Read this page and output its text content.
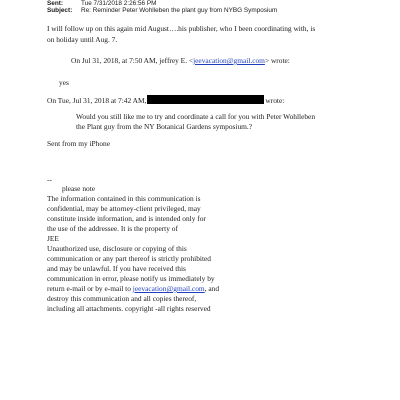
Sent:	Tue 7/31/2018 2:26:56 PM
Subject: Re: Reminder Peter Wohlleben the plant guy from NYBG Symposium
I will follow up on this again mid August….his publisher, who I been coordinating with, is
on holiday until Aug. 7.
On Jul 31, 2018, at 7:50 AM, jeffrey E. <jeevacation@gmail.com> wrote:
yes
On Tue, Jul 31, 2018 at 7:42 AM,	wrote:
Would you still like me to try and coordinate a call for you with Peter Wohlleben
the Plant guy from the NY Botanical Gardens symposium.?
Sent from my iPhone
--
please note
The information contained in this communication is
confidential, may be attorney-client privileged, may
constitute inside information, and is intended only for
the use of the addressee. It is the property of
JEE
Unauthorized use, disclosure or copying of this
communication or any part thereof is strictly prohibited
and may be unlawful. If you have received this
communication in error, please notify us immediately by
return e-mail or by e-mail to jeevacation@gmail.com, and
destroy this communication and all copies thereof,
including all attachments. copyright -all rights reserved
